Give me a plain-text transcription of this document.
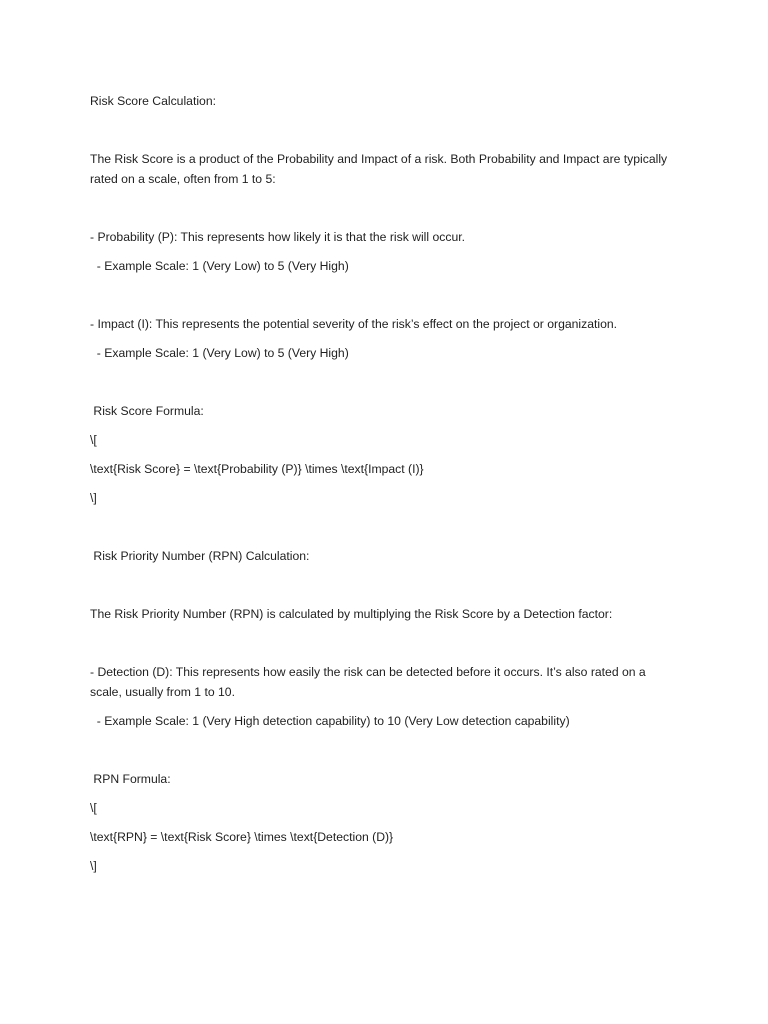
Risk Score Calculation:
The Risk Score is a product of the Probability and Impact of a risk. Both Probability and Impact are typically rated on a scale, often from 1 to 5:
- Probability (P): This represents how likely it is that the risk will occur.
- Example Scale: 1 (Very Low) to 5 (Very High)
- Impact (I): This represents the potential severity of the risk’s effect on the project or organization.
- Example Scale: 1 (Very Low) to 5 (Very High)
Risk Score Formula:
\[
\text{Risk Score} = \text{Probability (P)} \times \text{Impact (I)}
\]
Risk Priority Number (RPN) Calculation:
The Risk Priority Number (RPN) is calculated by multiplying the Risk Score by a Detection factor:
- Detection (D): This represents how easily the risk can be detected before it occurs. It’s also rated on a scale, usually from 1 to 10.
- Example Scale: 1 (Very High detection capability) to 10 (Very Low detection capability)
RPN Formula:
\[
\text{RPN} = \text{Risk Score} \times \text{Detection (D)}
\]
